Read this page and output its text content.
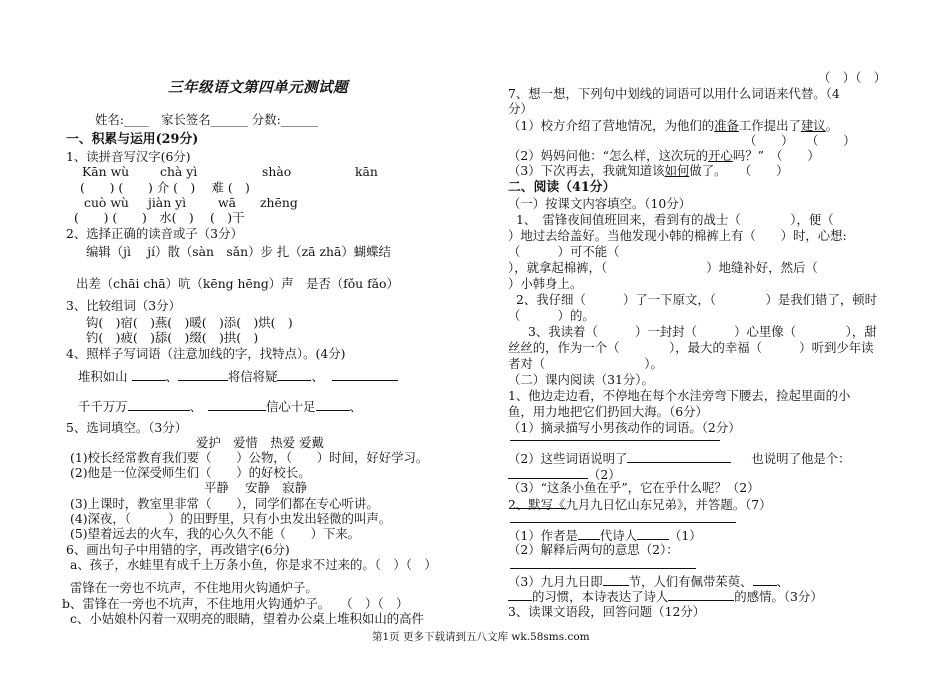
三年级语文第四单元测试题
姓名:____　家长签名______ 分数:______
一、积累与运用(29分)
1、读拼音写汉字(6分)
Kān wù chà yì	shào	kān
(　　) (　　) 介 (　)　 难 (　)
cuò wù jiàn yì	wā zhēng
(　　) (　　)　水(　)　 (　)干
2、选择正确的读音或子（3分）
编辑（jì　 jí）散（sàn　sǎn）步 扎（zā zhā）蝴蝶结
出差（chāi chā）吭（kēng hēng）声　是否（fǒu fǎo）
3、比较组词（3分）
钩(　)宿(　)燕(　)暖(　)添(　)烘(　)
钓(　)疲(　)舔(　)缀(　)拱(　)
4、照样子写词语（注意加线的字，找特点）。(4分)
堆积如山	、	将信将疑	、
千千万万	、	信心十足	、
5、选词填空。（3分）
爱护　爱惜　热爱 爱戴
(1)校长经常教育我们要（　　）公物，（　　）时间，好好学习。
(2)他是一位深受师生们（　　）的好校长。
平静　 安静　寂静
(3)上课时，教室里非常（　　），同学们都在专心听讲。
(4)深夜，（　　　）的田野里，只有小虫发出轻微的叫声。
(5)望着远去的火车，我的心久久不能（　　）下来。
6、画出句子中用错的字，再改错字(6分)
a、孩子，水蛙里有成千上万条小鱼，你是求不过来的。（　）（　）
雷锋在一旁也不坑声，不住地用火钩通炉子。
b、雷锋在一旁也不坑声，不住地用火钩通炉子。　 （　）（　）
c、小姑娘朴闪着一双明亮的眼睛，望着办公桌上堆积如山的高件
（　）（　）
7、想一想，下列句中划线的词语可以用什么词语来代替。（4
分）
（1）校方介绍了营地情况，为他们的准备工作提出了建议。
（　　）　　（　　）
（2）妈妈问他：“怎么样，这次玩的开心吗？”　（　　）
（3）下次再去，我就知道该如何做了。　　（　　）
二、阅读（41分）
（一）按课文内容填空。（10分）
1、　雷锋夜间值班回来，看到有的战士（　　　　），便（
）地过去给盖好。当他发现小韩的棉裤上有（　　）时，心想:
（　　　）可不能（
），就拿起棉裤，（　　　　　　　　）地缝补好，然后（
）小韩身上。
2、我仔细（　　　）了一下原文，（　　　　）是我们错了，顿时
（　　　）的。
3、我读着（　　　）一封封（　　　）心里像（　　　　），甜
丝丝的，作为一个（　　　　），最大的幸福（　　　）听到少年读
者对（　　　　　　　　）。
（二）课内阅读（31分）。
1、他边走边看，不停地在每个水洼旁弯下腰去，捡起里面的小
鱼，用力地把它们扔回大海。（6分）
（1）摘录描写小男孩动作的词语。（2分）
（2）这些词语说明了	也说明了他是个：
（2）
（3）“这条小鱼在乎”，它在乎什么呢？（2）
2、默写《九月九日忆山东兄弟》，并答题。（7）
（1）作者是 代诗人	（1）
（2）解释后两句的意思（2）：
（3）九月九日即 节，人们有佩带茱萸、 、
的习惯，本诗表达了诗人	的感情。（3分）
3、读课文语段，回答问题（12分）
第1页 更多下载请到五八文库 wk.58sms.com
